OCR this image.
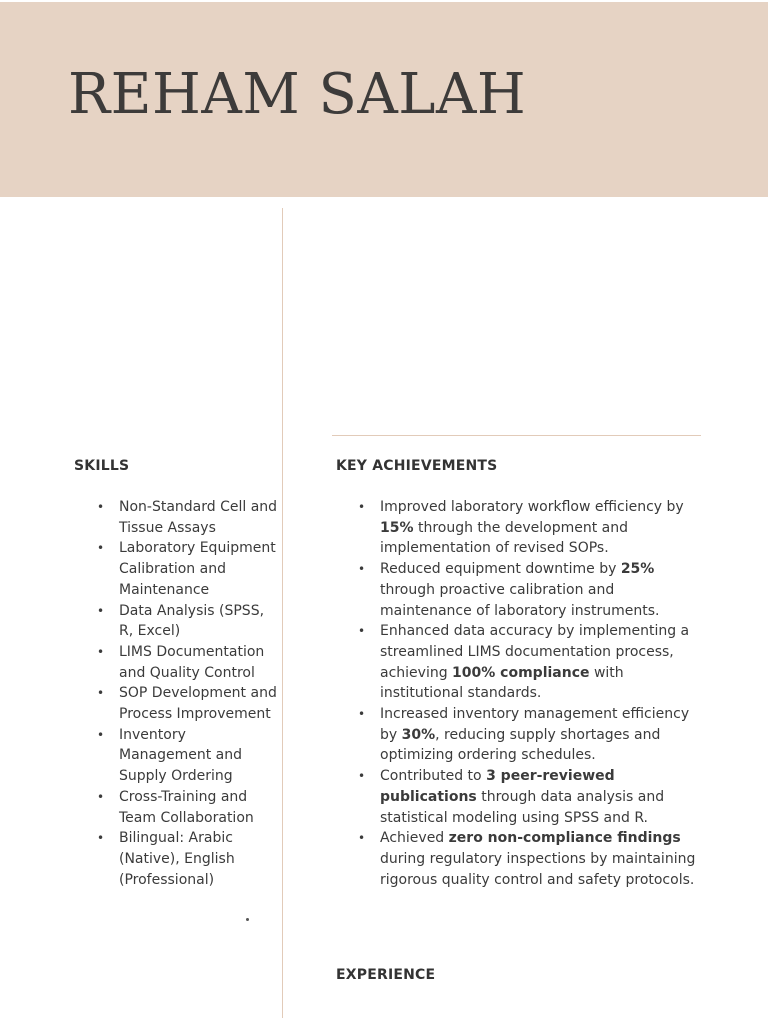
REHAM SALAH
SKILLS
• Non-Standard Cell and Tissue Assays
• Laboratory Equipment Calibration and Maintenance
• Data Analysis (SPSS, R, Excel)
• LIMS Documentation and Quality Control
• SOP Development and Process Improvement
• Inventory Management and Supply Ordering
• Cross-Training and Team Collaboration
• Bilingual: Arabic (Native), English (Professional)
KEY ACHIEVEMENTS
• Improved laboratory workflow efficiency by 15% through the development and implementation of revised SOPs.
• Reduced equipment downtime by 25% through proactive calibration and maintenance of laboratory instruments.
• Enhanced data accuracy by implementing a streamlined LIMS documentation process, achieving 100% compliance with institutional standards.
• Increased inventory management efficiency by 30%, reducing supply shortages and optimizing ordering schedules.
• Contributed to 3 peer-reviewed publications through data analysis and statistical modeling using SPSS and R.
• Achieved zero non-compliance findings during regulatory inspections by maintaining rigorous quality control and safety protocols.
EXPERIENCE
